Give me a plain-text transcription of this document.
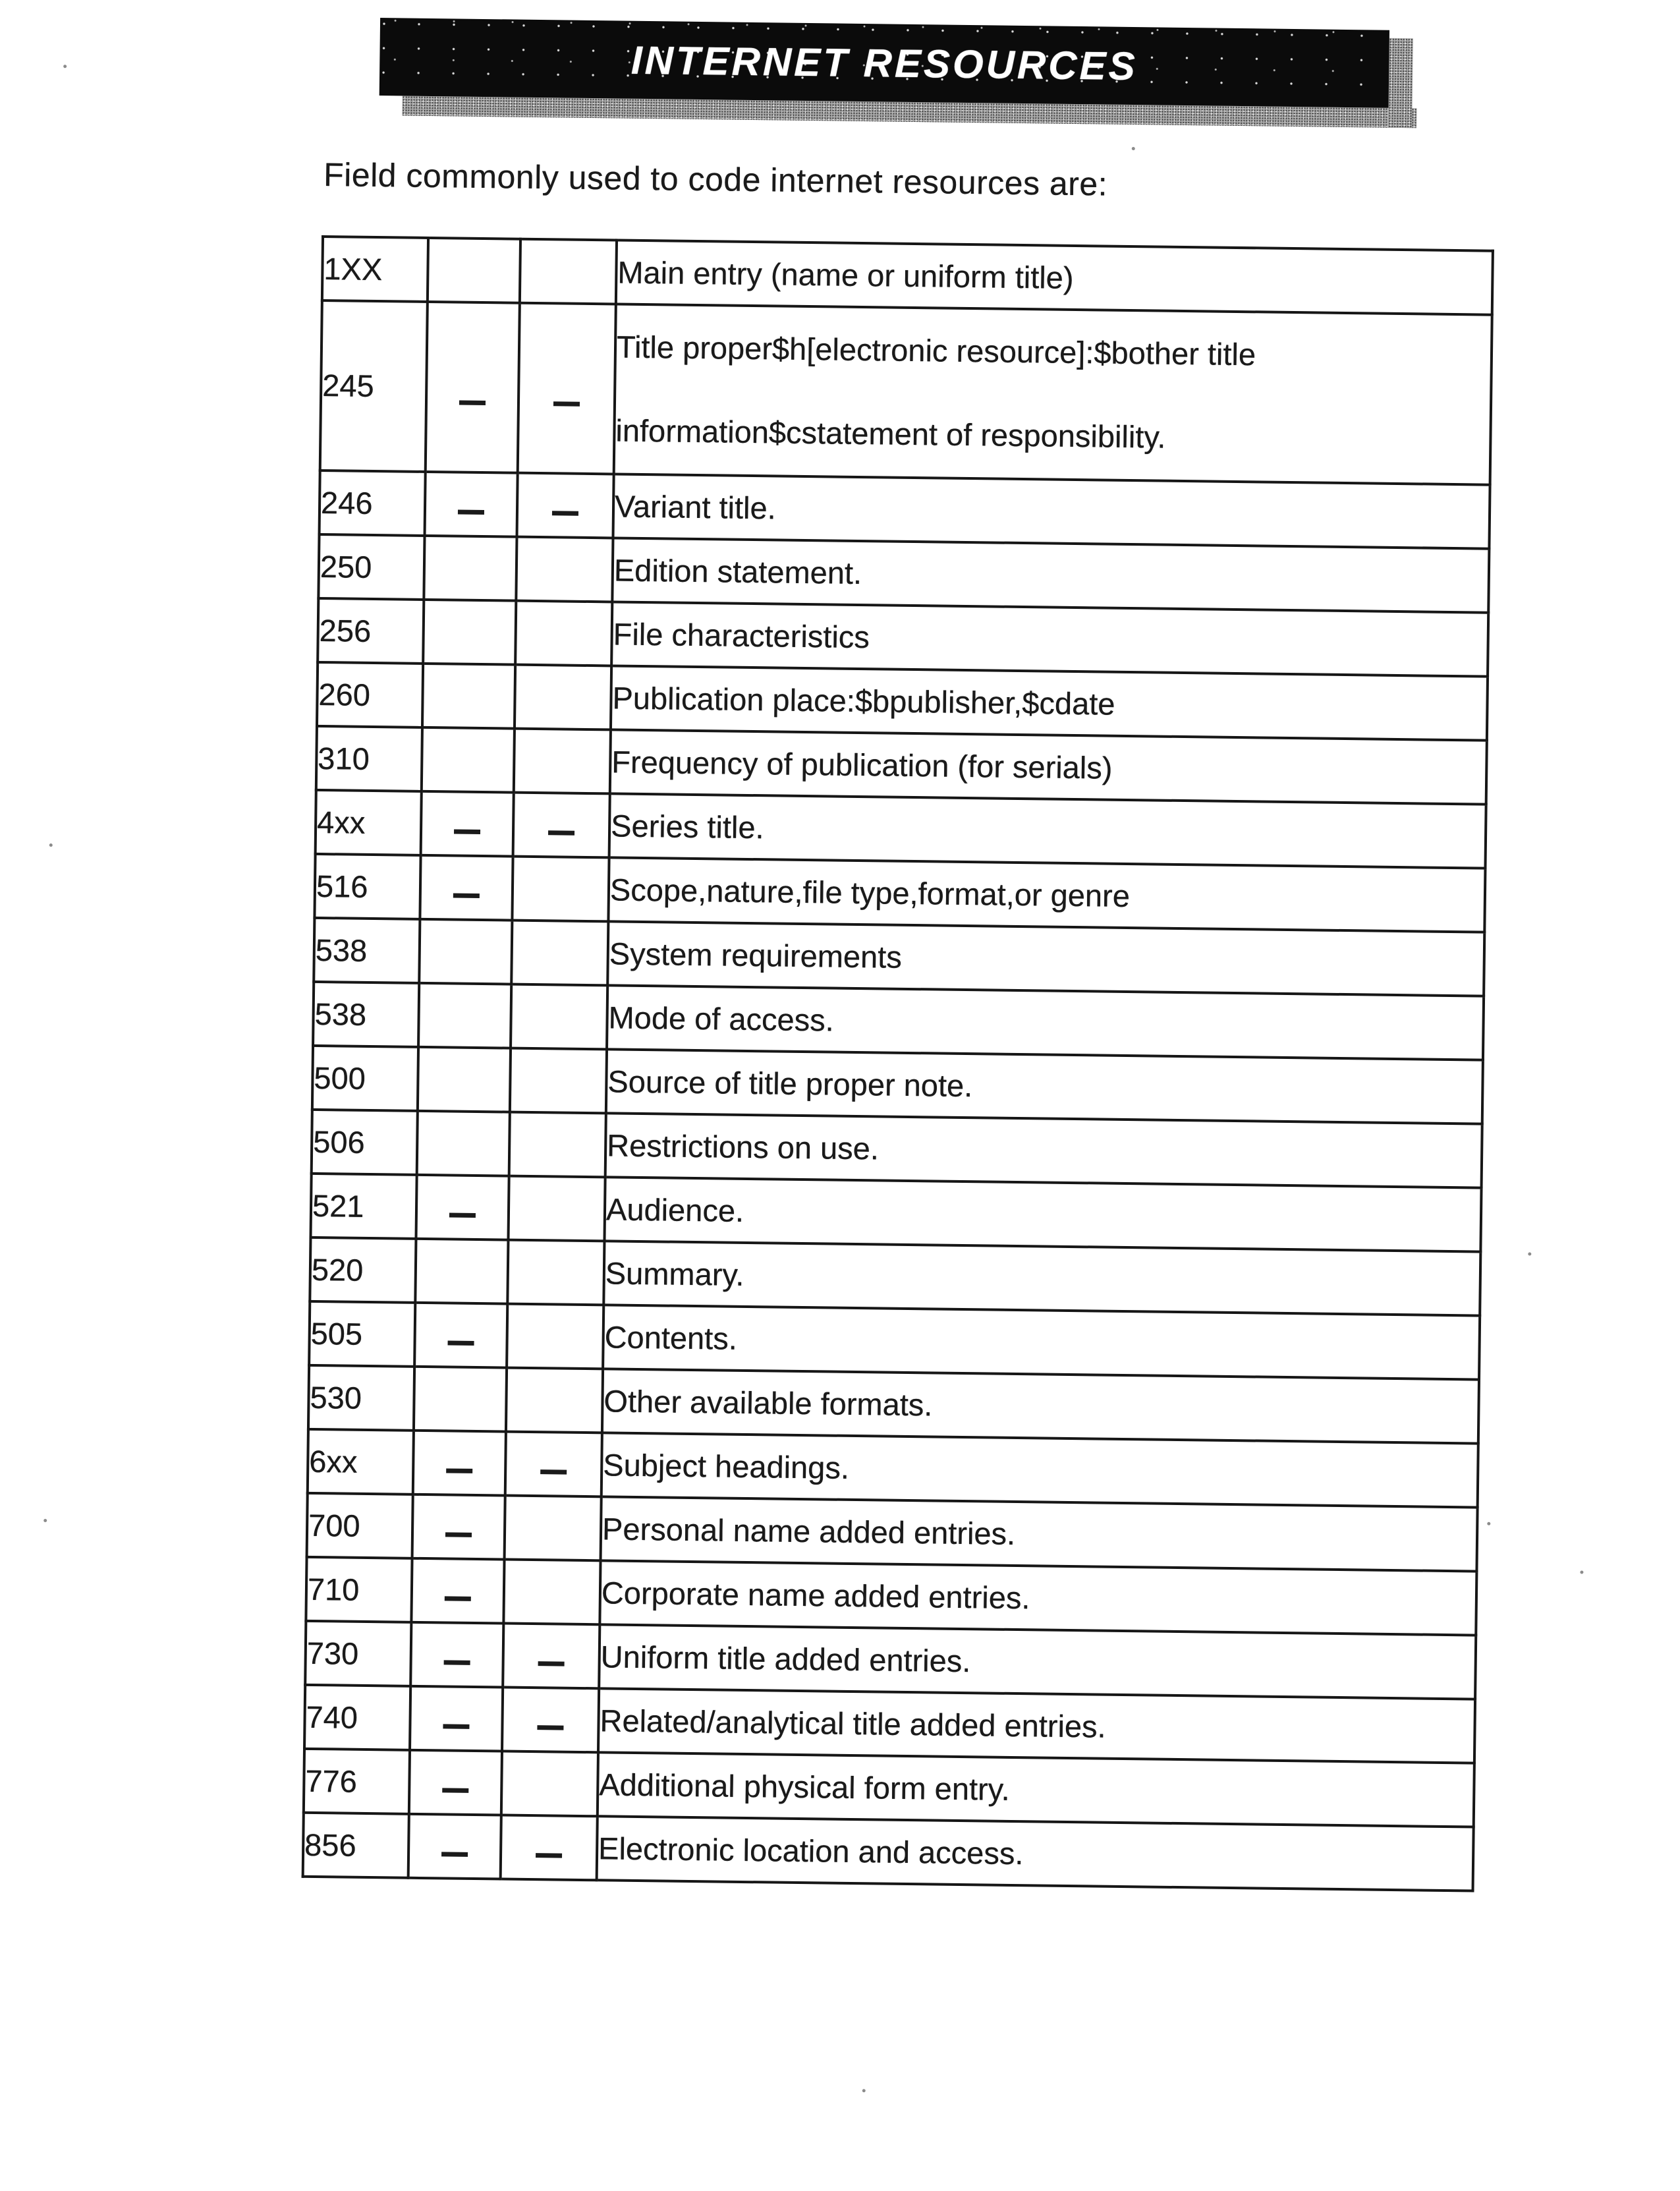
INTERNET RESOURCES

Field commonly used to code internet resources are:

1XX			Main entry (name or uniform title)
245			Title proper$h[electronic resource]:$bother title
information$cstatement of responsibility.
246			Variant title.
250			Edition statement.
256			File characteristics
260			Publication place:$bpublisher,$cdate
310			Frequency of publication (for serials)
4xx			Series title.
516			Scope,nature,file type,format,or genre
538			System requirements
538			Mode of access.
500			Source of title proper note.
506			Restrictions on use.
521			Audience.
520			Summary.
505			Contents.
530			Other available formats.
6xx			Subject headings.
700			Personal name added entries.
710			Corporate name added entries.
730			Uniform title added entries.
740			Related/analytical title added entries.
776			Additional physical form entry.
856			Electronic location and access.
